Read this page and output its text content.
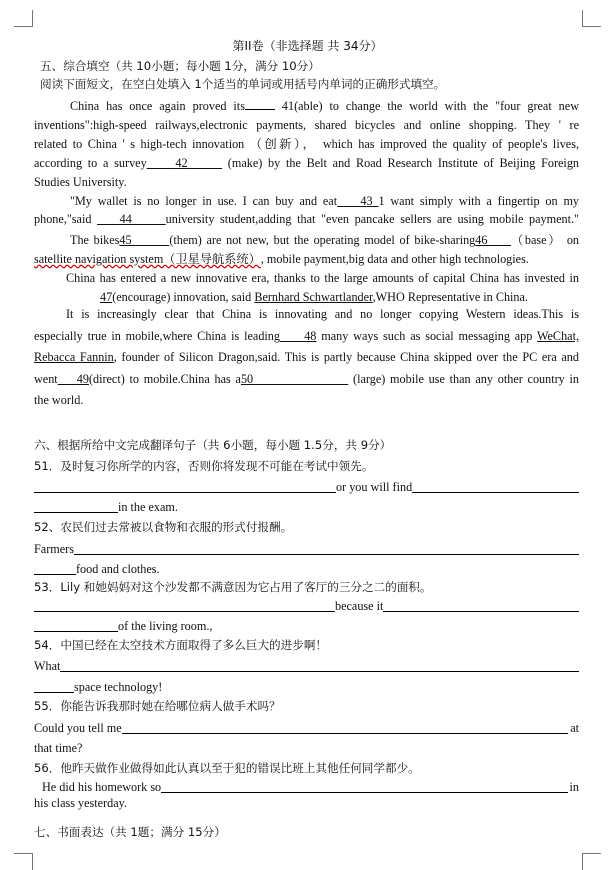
第II卷（非选择题 共 34分）
五、综合填空（共 10小题；每小题 1分，满分 10分）
阅读下面短文，在空白处填入 1个适当的单词或用括号内单词的正确形式填空。
China has once again proved its	41(able) to change the world with the "four great new
inventions":high-speed railways,electronic payments, shared bicycles and online shopping. They ' re
related to China ' s high-tech innovation （创新）， which has improved the quality of people's lives,
according to a survey 42	(make) by the Belt and Road Research Institute of Beijing Foreign
Studies University.
"My wallet is no longer in use. I can buy and eat 43 1 want simply with a fingertip on my
phone,"said 44	university student,adding that "even pancake sellers are using mobile payment."
The bikes45	(them) are not new, but the operating model of bike-sharing46 （base） on
satellite navigation system（卫星导航系统）, mobile payment,big data and other high technologies.
China has entered a new innovative era, thanks to the large amounts of capital China has invested in
47(encourage) innovation, said Bernhard Schwartlander,WHO Representative in China.
It is increasingly clear that China is innovating and no longer copying Western ideas.This is
especially true in mobile,where China is leading 48 many ways such as social messaging app WeChat,
Rebacca Fannin, founder of Silicon Dragon,said. This is partly because China skipped over the PC era and
went 49(direct) to mobile.China has a50	(large) mobile use than any other country in
the world.
六、根据所给中文完成翻译句子（共 6小题，每小题 1.5分，共 9分）
51．及时复习你所学的内容，否则你将发现不可能在考试中领先。
or you will find
in the exam.
52、农民们过去常被以食物和衣服的形式付报酬。
Farmers
food and clothes.
53．Lily 和她妈妈对这个沙发都不满意因为它占用了客厅的三分之二的面积。
because it
of the living room.,
54．中国已经在太空技术方面取得了多么巨大的进步啊！
What
space technology!
55．你能告诉我那时她在给哪位病人做手术吗？
Could you tell me	at
that time?
56．他昨天做作业做得如此认真以至于犯的错误比班上其他任何同学都少。
He did his homework so	in
his class yesterday.
七、书面表达（共 1题；满分 15分）
